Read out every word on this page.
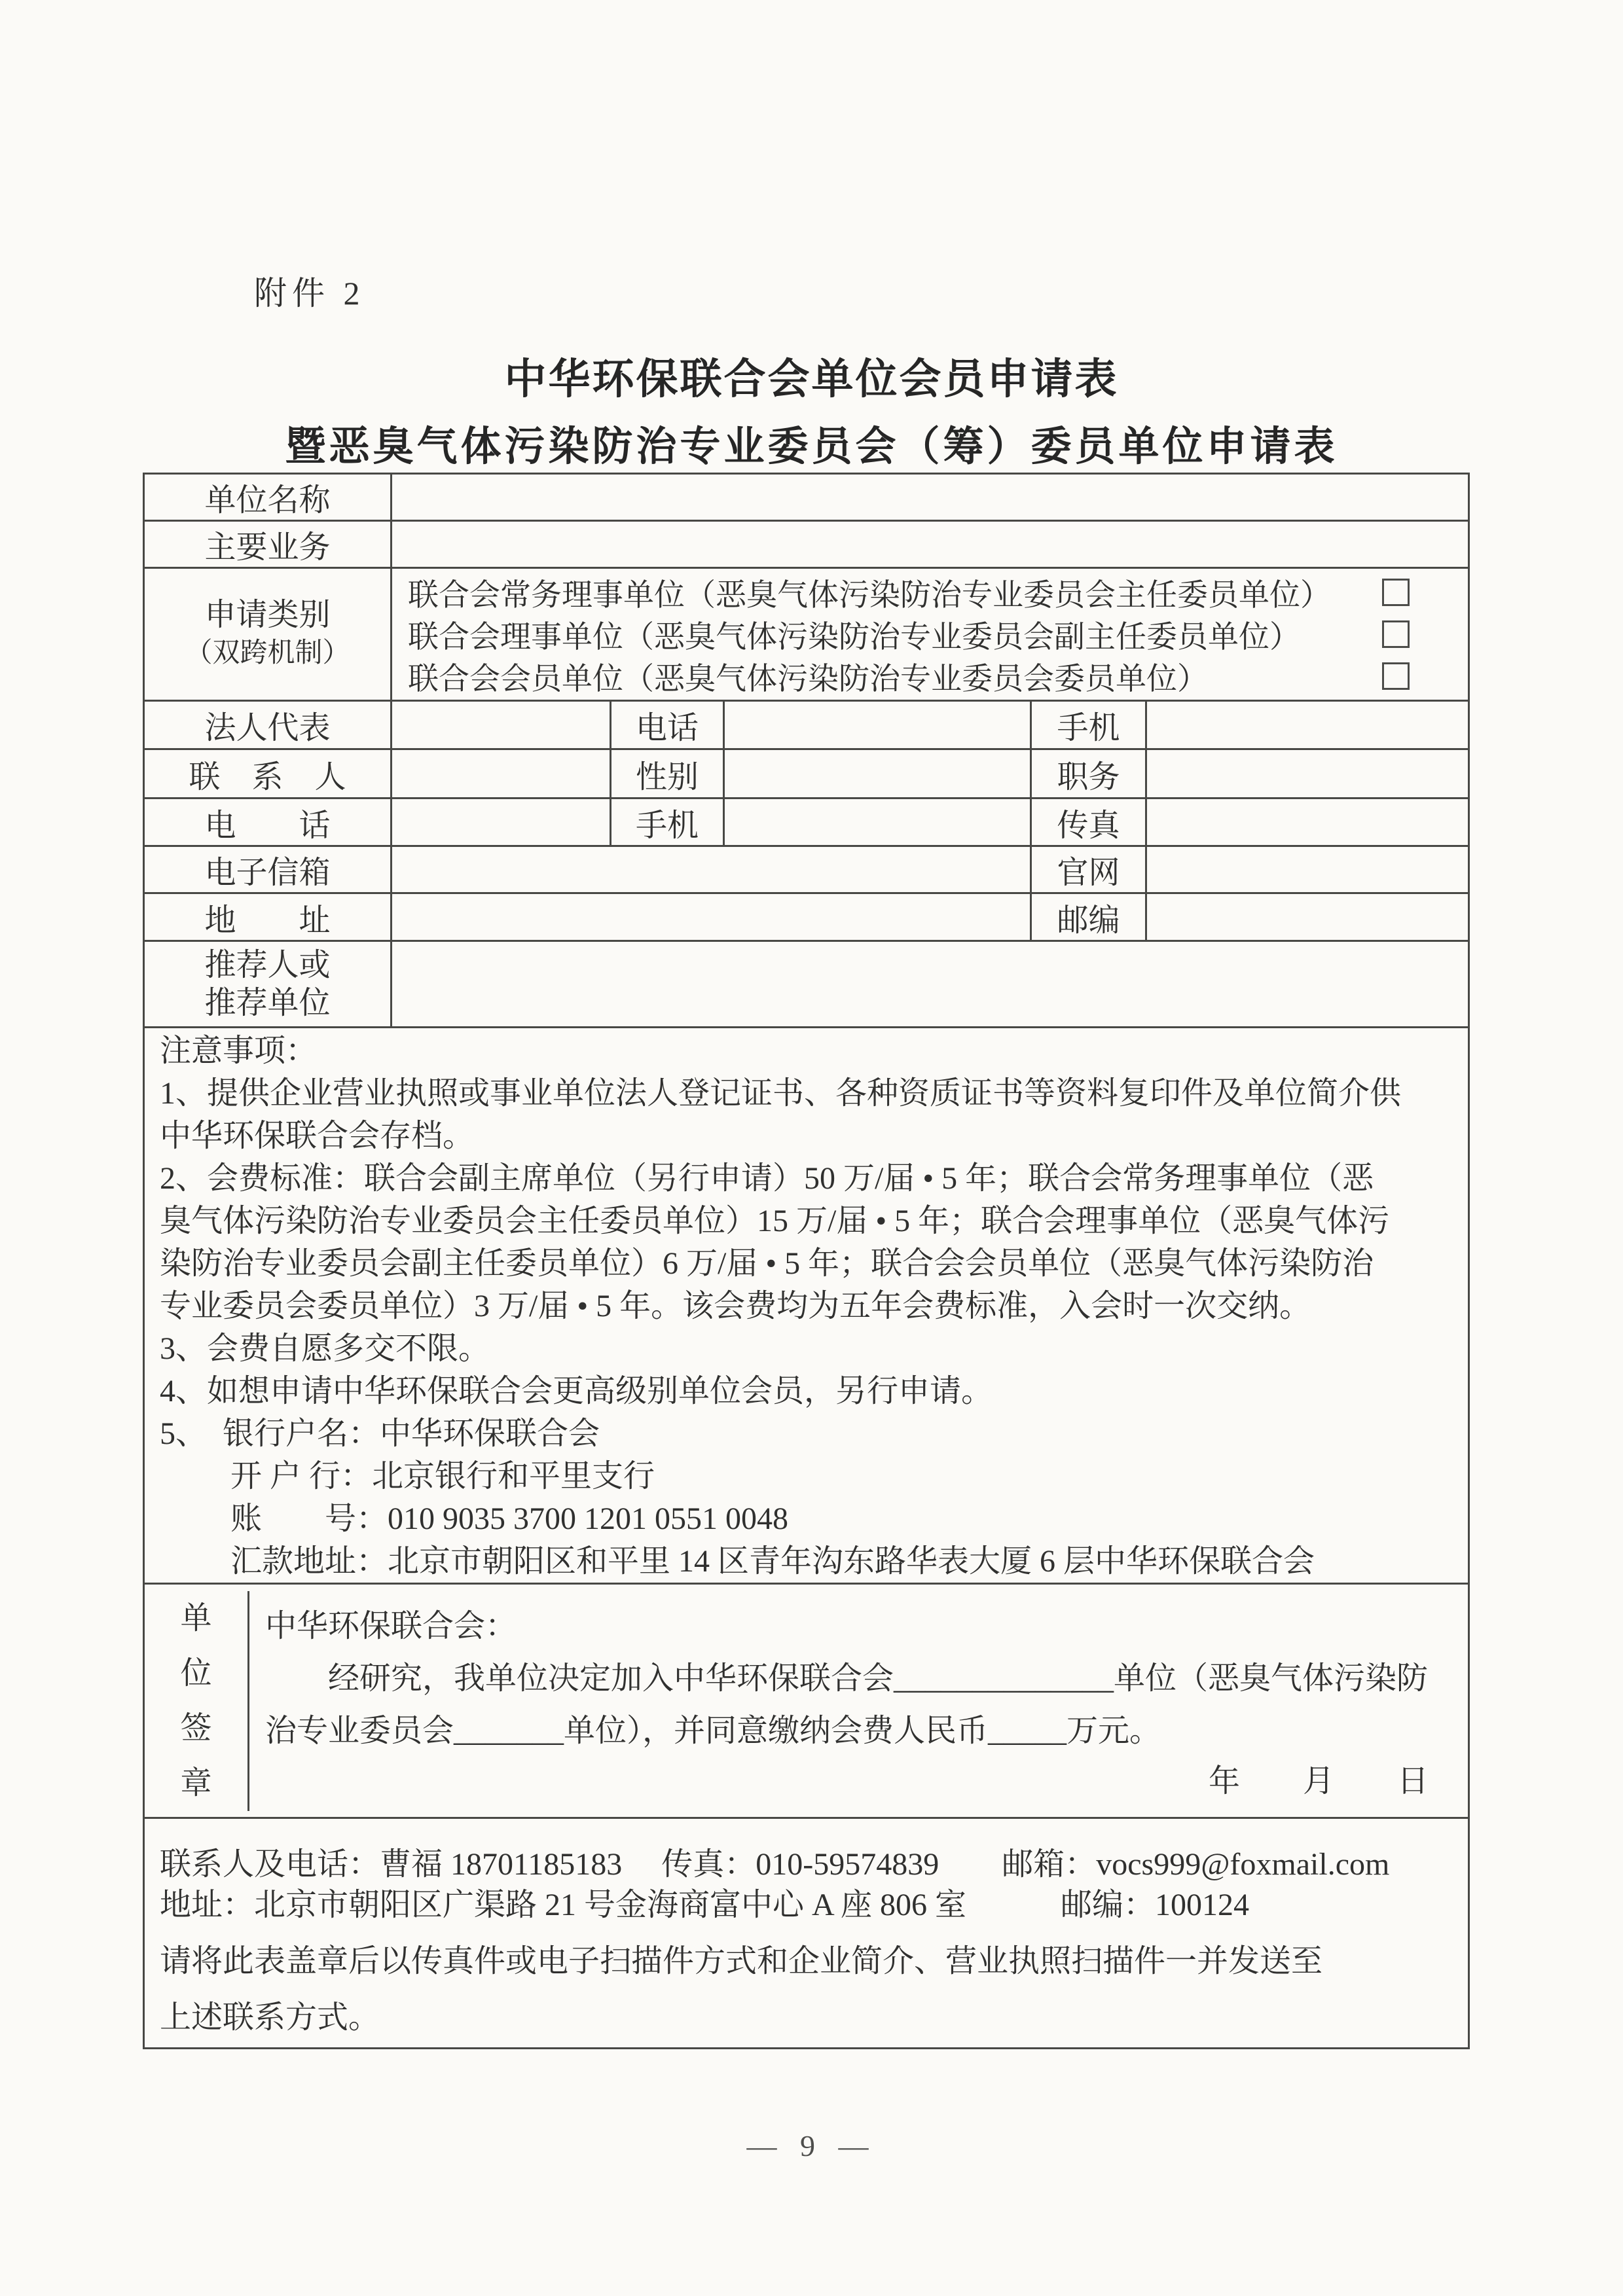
附件 2
中华环保联合会单位会员申请表
暨恶臭气体污染防治专业委员会（筹）委员单位申请表
单位名称					
主要业务					

申请类别
（双跨机制）

联合会常务理事单位（恶臭气体污染防治专业委员会主任委员单位）
联合会理事单位（恶臭气体污染防治专业委员会副主任委员单位）
联合会会员单位（恶臭气体污染防治专业委员会委员单位）

法人代表		电话		手机	
联　系　人		性别		职务	
电　　话		手机		传真	
电子信箱				官网	
地　　址				邮编	

推荐人或
推荐单位					

注意事项：
1、提供企业营业执照或事业单位法人登记证书、各种资质证书等资料复印件及单位简介供
中华环保联合会存档。
2、会费标准：联合会副主席单位（另行申请）50 万/届 • 5 年；联合会常务理事单位（恶
臭气体污染防治专业委员会主任委员单位）15 万/届 • 5 年；联合会理事单位（恶臭气体污
染防治专业委员会副主任委员单位）6 万/届 • 5 年；联合会会员单位（恶臭气体污染防治
专业委员会委员单位）3 万/届 • 5 年。该会费均为五年会费标准，入会时一次交纳。
3、会费自愿多交不限。
4、如想申请中华环保联合会更高级别单位会员，另行申请。
5、　银行户名：中华环保联合会
　　 开 户 行：北京银行和平里支行
　　 账　　号：010 9035 3700 1201 0551 0048
　　 汇款地址：北京市朝阳区和平里 14 区青年沟东路华表大厦 6 层中华环保联合会

单
位
签
章
中华环保联合会：
　　经研究，我单位决定加入中华环保联合会______________单位（恶臭气体污染防
治专业委员会_______单位），并同意缴纳会费人民币_____万元。
年　　月　　日

联系人及电话：曹福 18701185183　 传真：010-59574839　　邮箱：vocs999@foxmail.com
地址：北京市朝阳区广渠路 21 号金海商富中心 A 座 806 室　　　邮编：100124
请将此表盖章后以传真件或电子扫描件方式和企业简介、营业执照扫描件一并发送至
上述联系方式。					
— 9 —
